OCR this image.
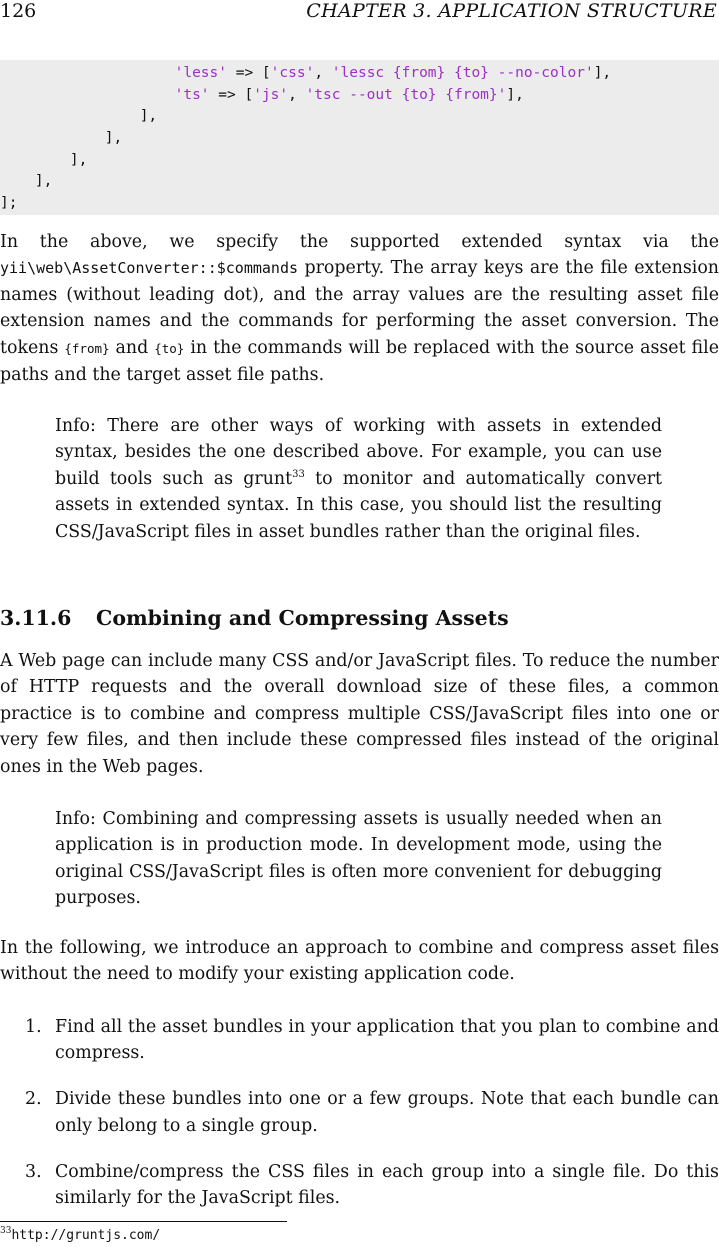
126	CHAPTER 3. APPLICATION STRUCTURE
'less' => ['css', 'lessc {from} {to} --no-color'],
'ts' => ['js', 'tsc --out {to} {from}'],
],
],
],
],
];
In the above, we specify the supported extended syntax via the yii\web\AssetConverter::$commands property. The array keys are the file extension names (without leading dot), and the array values are the resulting asset file extension names and the commands for performing the asset conversion. The tokens {from} and {to} in the commands will be replaced with the source asset file paths and the target asset file paths.
Info: There are other ways of working with assets in extended syntax, besides the one described above. For example, you can use build tools such as grunt$^{33}$ to monitor and automatically convert assets in extended syntax. In this case, you should list the resulting CSS/JavaScript files in asset bundles rather than the original files.
3.11.6 Combining and Compressing Assets
A Web page can include many CSS and/or JavaScript files. To reduce the number of HTTP requests and the overall download size of these files, a common practice is to combine and compress multiple CSS/JavaScript files into one or very few files, and then include these compressed files instead of the original ones in the Web pages.
Info: Combining and compressing assets is usually needed when an application is in production mode. In development mode, using the original CSS/JavaScript files is often more convenient for debugging purposes.
In the following, we introduce an approach to combine and compress asset files without the need to modify your existing application code.
1. Find all the asset bundles in your application that you plan to combine and compress.
2. Divide these bundles into one or a few groups. Note that each bundle can only belong to a single group.
3. Combine/compress the CSS files in each group into a single file. Do this similarly for the JavaScript files.
$^{33}$http://gruntjs.com/
